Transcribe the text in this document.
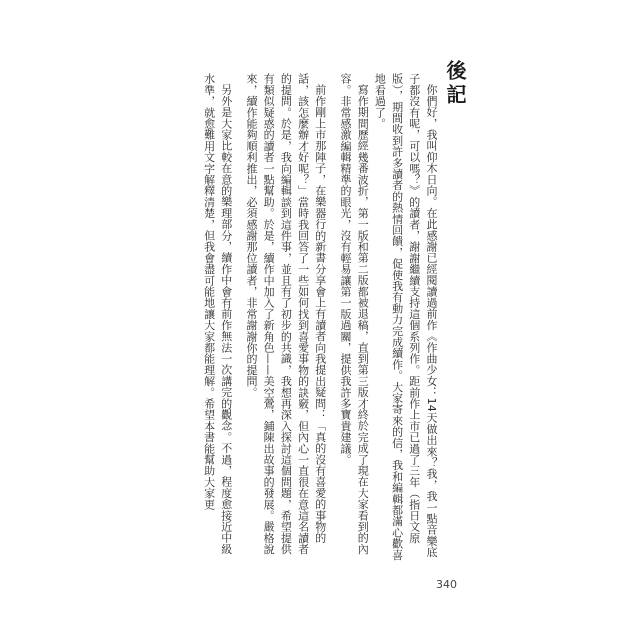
後記

你們好，我叫仰木日向。在此感謝已經閱讀過前作《作曲少女：14天做出來？我，我一點音樂底子都沒有呢，可以嗎？》的讀者，謝謝繼續支持這個系列作。距前作上市已過了三年（指日文原版），期間收到許多讀者的熱情回饋，促使我有動力完成續作。大家寄來的信，我和編輯都滿心歡喜地看過了。

寫作期間歷經幾番波折，第一版和第二版都被退稿，直到第三版才終於完成了現在大家看到的內容。非常感激編輯精準的眼光，沒有輕易讓第一版過關，提供我許多寶貴建議。

前作剛上市那陣子，在樂器行的新書分享會上有讀者向我提出疑問：「真的沒有喜愛的事物的話，該怎麼辦才好呢？」當時我回答了一些如何找到喜愛事物的訣竅，但內心一直很在意這名讀者的提問。於是，我向編輯談到這件事，並且有了初步的共識，我想再深入探討這個問題，希望提供有類似疑惑的讀者一點幫助。於是，續作中加入了新角色——美空鶯，鋪陳出故事的發展。嚴格說來，續作能夠順利推出，必須感謝那位讀者，非常謝謝你的提問。

另外是大家比較在意的樂理部分，續作中會有前作無法一次講完的觀念。不過，程度愈接近中級水準，就愈難用文字解釋清楚，但我會盡可能地讓大家都能理解。希望本書能幫助大家更

340
